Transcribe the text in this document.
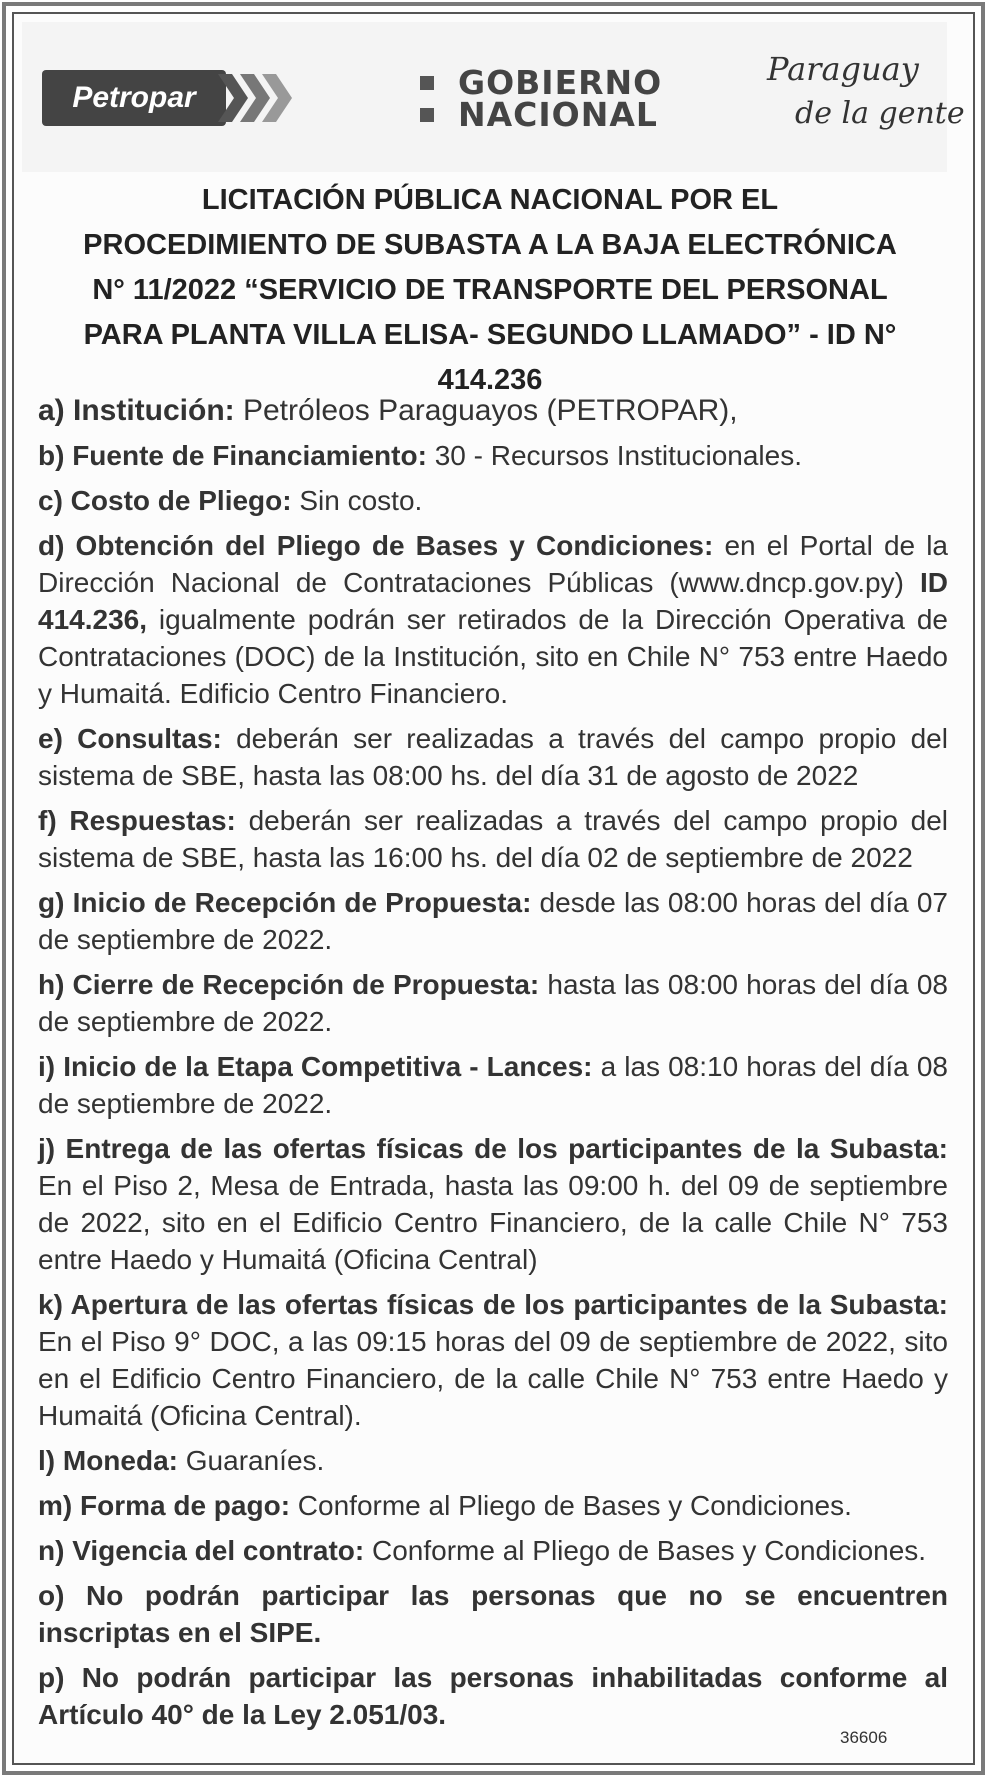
Petropar	GOBIERNO
NACIONAL
Paraguay
de la gente
LICITACIÓN PÚBLICA NACIONAL POR EL
PROCEDIMIENTO DE SUBASTA A LA BAJA ELECTRÓNICA
N° 11/2022 “SERVICIO DE TRANSPORTE DEL PERSONAL
PARA PLANTA VILLA ELISA- SEGUNDO LLAMADO” - ID N° 414.236
a) Institución: Petróleos Paraguayos (PETROPAR),
b) Fuente de Financiamiento: 30 - Recursos Institucionales.
c) Costo de Pliego: Sin costo.
d) Obtención del Pliego de Bases y Condiciones: en el Portal de la Dirección Nacional de Contrataciones Públicas (www.dncp.gov.py) ID 414.236, igualmente podrán ser retirados de la Dirección Operativa de Contrataciones (DOC) de la Institución, sito en Chile N° 753 entre Haedo y Humaitá. Edificio Centro Financiero.
e) Consultas: deberán ser realizadas a través del campo propio del sistema de SBE, hasta las 08:00 hs. del día 31 de agosto de 2022
f) Respuestas: deberán ser realizadas a través del campo propio del sistema de SBE, hasta las 16:00 hs. del día 02 de septiembre de 2022
g) Inicio de Recepción de Propuesta: desde las 08:00 horas del día 07 de septiembre de 2022.
h) Cierre de Recepción de Propuesta: hasta las 08:00 horas del día 08 de septiembre de 2022.
i) Inicio de la Etapa Competitiva - Lances: a las 08:10 horas del día 08 de septiembre de 2022.
j) Entrega de las ofertas físicas de los participantes de la Subasta: En el Piso 2, Mesa de Entrada, hasta las 09:00 h. del 09 de septiembre de 2022, sito en el Edificio Centro Financiero, de la calle Chile N° 753 entre Haedo y Humaitá (Oficina Central)
k) Apertura de las ofertas físicas de los participantes de la Subasta: En el Piso 9° DOC, a las 09:15 horas del 09 de septiembre de 2022, sito en el Edificio Centro Financiero, de la calle Chile N° 753 entre Haedo y Humaitá (Oficina Central).
l) Moneda: Guaraníes.
m) Forma de pago: Conforme al Pliego de Bases y Condiciones.
n) Vigencia del contrato: Conforme al Pliego de Bases y Condiciones.
o) No podrán participar las personas que no se encuentren inscriptas en el SIPE.
p) No podrán participar las personas inhabilitadas conforme al Artículo 40° de la Ley 2.051/03.
36606
